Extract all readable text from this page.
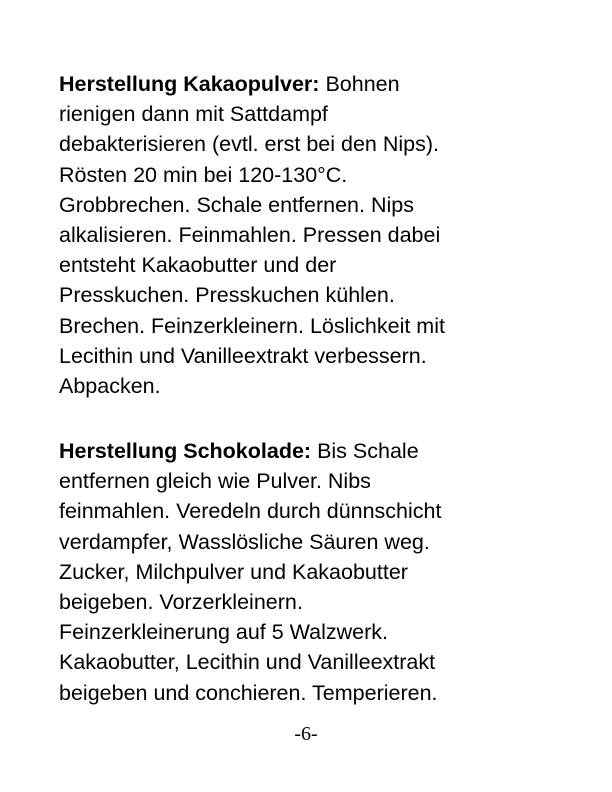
Herstellung Kakaopulver: Bohnen
rienigen dann mit Sattdampf
debakterisieren (evtl. erst bei den Nips).
Rösten 20 min bei 120-130°C.
Grobbrechen. Schale entfernen. Nips
alkalisieren. Feinmahlen. Pressen dabei
entsteht Kakaobutter und der
Presskuchen. Presskuchen kühlen.
Brechen. Feinzerkleinern. Löslichkeit mit
Lecithin und Vanilleextrakt verbessern.
Abpacken.

Herstellung Schokolade: Bis Schale
entfernen gleich wie Pulver. Nibs
feinmahlen. Veredeln durch dünnschicht
verdampfer, Wasslösliche Säuren weg.
Zucker, Milchpulver und Kakaobutter
beigeben. Vorzerkleinern.
Feinzerkleinerung auf 5 Walzwerk.
Kakaobutter, Lecithin und Vanilleextrakt
beigeben und conchieren. Temperieren.

-6-
